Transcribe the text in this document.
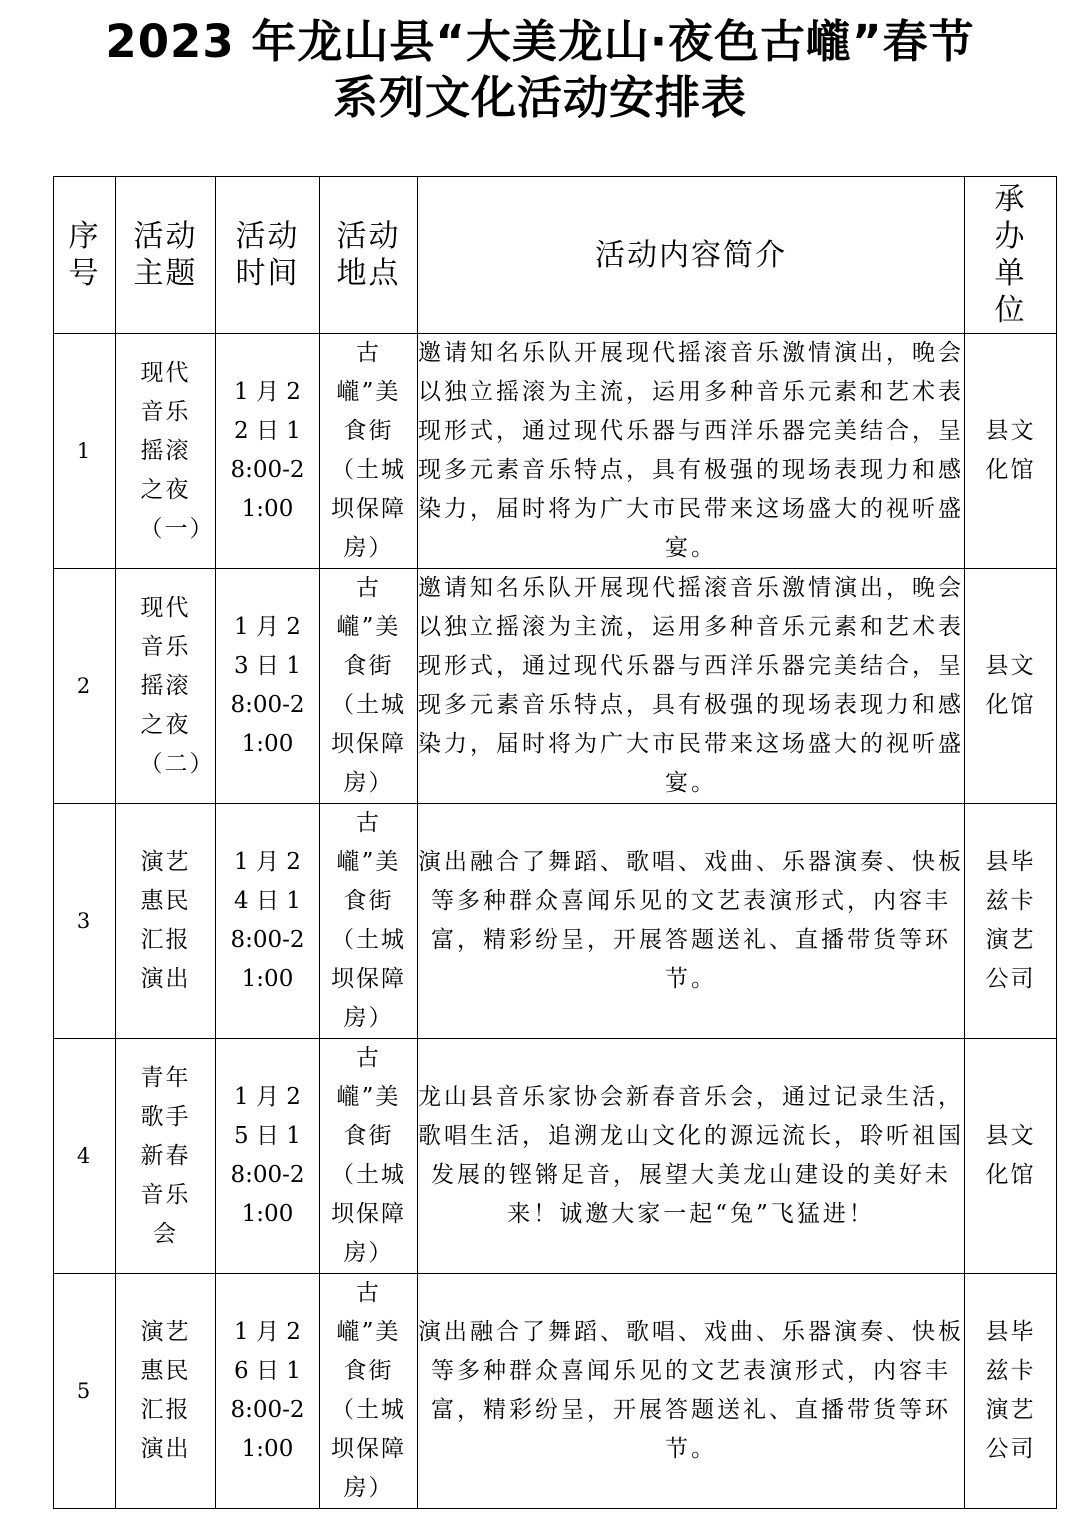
2023 年龙山县“大美龙山·夜色古巄”春节
系列文化活动安排表
序号	活动主题	活动时间	活动地点	活动内容简介	承办单位
1	现代音乐摇滚之夜（一）	1 月 22 日 18:00-21:00	古巄”美食街（土城坝保障房）	邀请知名乐队开展现代摇滚音乐激情演出，晚会以独立摇滚为主流，运用多种音乐元素和艺术表现形式，通过现代乐器与西洋乐器完美结合，呈现多元素音乐特点，具有极强的现场表现力和感染力，届时将为广大市民带来这场盛大的视听盛宴。	县文化馆
2	现代音乐摇滚之夜（二）	1 月 23 日 18:00-21:00	古巄”美食街（土城坝保障房）	邀请知名乐队开展现代摇滚音乐激情演出，晚会以独立摇滚为主流，运用多种音乐元素和艺术表现形式，通过现代乐器与西洋乐器完美结合，呈现多元素音乐特点，具有极强的现场表现力和感染力，届时将为广大市民带来这场盛大的视听盛宴。	县文化馆
3	演艺惠民汇报演出	1 月 24 日 18:00-21:00	古巄”美食街（土城坝保障房）	演出融合了舞蹈、歌唱、戏曲、乐器演奏、快板等多种群众喜闻乐见的文艺表演形式，内容丰富，精彩纷呈，开展答题送礼、直播带货等环节。	县毕兹卡演艺公司
4	青年歌手新春音乐会	1 月 25 日 18:00-21:00	古巄”美食街（土城坝保障房）	龙山县音乐家协会新春音乐会，通过记录生活，歌唱生活，追溯龙山文化的源远流长，聆听祖国发展的铿锵足音，展望大美龙山建设的美好未来！诚邀大家一起“兔”飞猛进！	县文化馆
5	演艺惠民汇报演出	1 月 26 日 18:00-21:00	古巄”美食街（土城坝保障房）	演出融合了舞蹈、歌唱、戏曲、乐器演奏、快板等多种群众喜闻乐见的文艺表演形式，内容丰富，精彩纷呈，开展答题送礼、直播带货等环节。	县毕兹卡演艺公司
